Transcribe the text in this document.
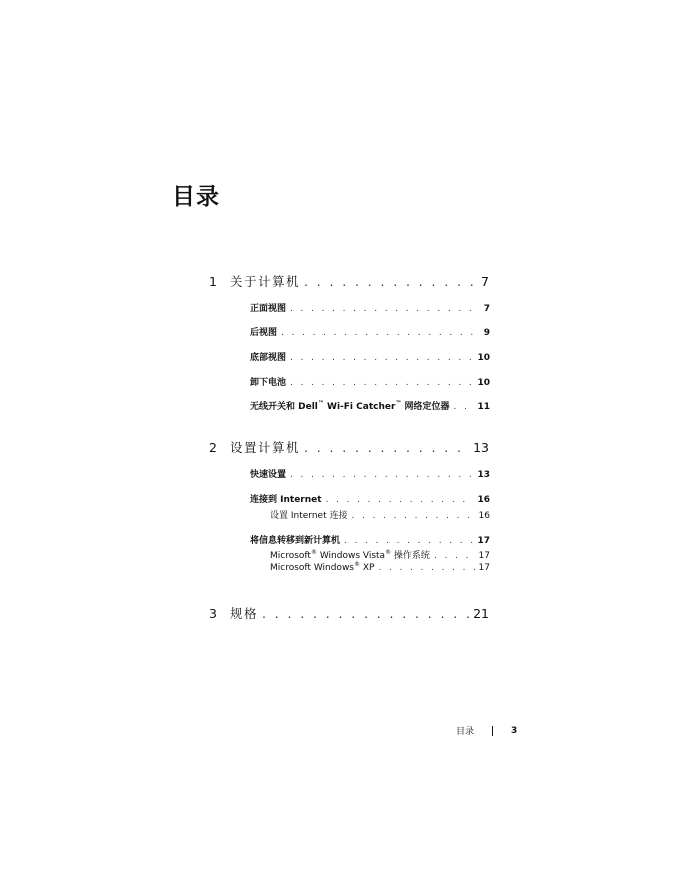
目录
1 关于计算机 . . .	7
正面视图 . . .	7
后视图 . . .	9
底部视图 . . .	10
卸下电池 . . .	10
无线开关和 Dell™ Wi-Fi Catcher™ 网络定位器 . . .	11
2 设置计算机 . . .	13
快速设置 . . .	13
连接到 Internet . . .	16
设置 Internet 连接 . . .	16
将信息转移到新计算机 . . .	17
Microsoft® Windows Vista® 操作系统 . . .	17
Microsoft Windows® XP . . .	17
3 规格 . . .	21
目录	3
